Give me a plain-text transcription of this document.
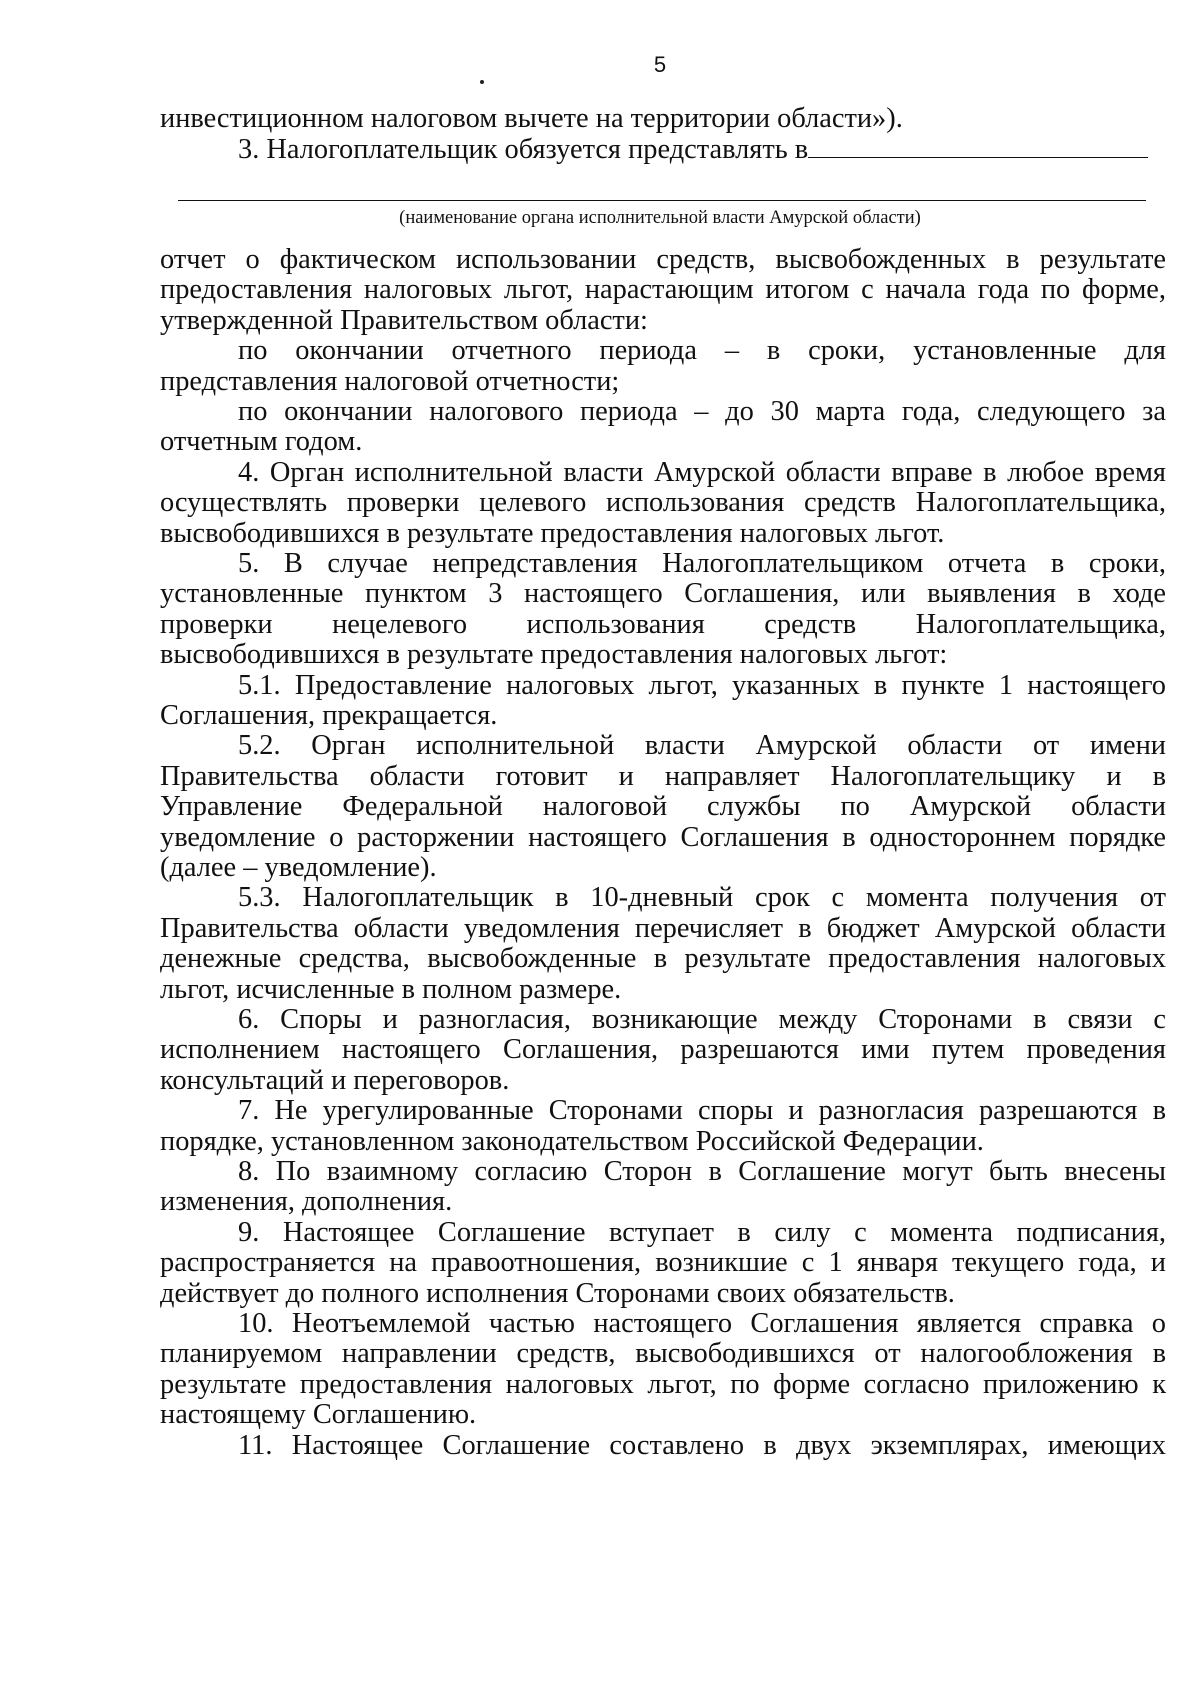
5
инвестиционном налоговом вычете на территории области»).
3. Налогоплательщик обязуется представлять в
(наименование органа исполнительной власти Амурской области)
отчет о фактическом использовании средств, высвобожденных в результате
предоставления налоговых льгот, нарастающим итогом с начала года по форме,
утвержденной Правительством области:
по окончании отчетного периода – в сроки, установленные для
представления налоговой отчетности;
по окончании налогового периода – до 30 марта года, следующего за
отчетным годом.
4. Орган исполнительной власти Амурской области вправе в любое время
осуществлять проверки целевого использования средств Налогоплательщика,
высвободившихся в результате предоставления налоговых льгот.
5. В случае непредставления Налогоплательщиком отчета в сроки,
установленные пунктом 3 настоящего Соглашения, или выявления в ходе
проверки нецелевого использования средств Налогоплательщика,
высвободившихся в результате предоставления налоговых льгот:
5.1. Предоставление налоговых льгот, указанных в пункте 1 настоящего
Соглашения, прекращается.
5.2. Орган исполнительной власти Амурской области от имени
Правительства области готовит и направляет Налогоплательщику и в
Управление Федеральной налоговой службы по Амурской области
уведомление о расторжении настоящего Соглашения в одностороннем порядке
(далее – уведомление).
5.3. Налогоплательщик в 10-дневный срок с момента получения от
Правительства области уведомления перечисляет в бюджет Амурской области
денежные средства, высвобожденные в результате предоставления налоговых
льгот, исчисленные в полном размере.
6. Споры и разногласия, возникающие между Сторонами в связи с
исполнением настоящего Соглашения, разрешаются ими путем проведения
консультаций и переговоров.
7. Не урегулированные Сторонами споры и разногласия разрешаются в
порядке, установленном законодательством Российской Федерации.
8. По взаимному согласию Сторон в Соглашение могут быть внесены
изменения, дополнения.
9. Настоящее Соглашение вступает в силу с момента подписания,
распространяется на правоотношения, возникшие с 1 января текущего года, и
действует до полного исполнения Сторонами своих обязательств.
10. Неотъемлемой частью настоящего Соглашения является справка о
планируемом направлении средств, высвободившихся от налогообложения в
результате предоставления налоговых льгот, по форме согласно приложению к
настоящему Соглашению.
11. Настоящее Соглашение составлено в двух экземплярах, имеющих
